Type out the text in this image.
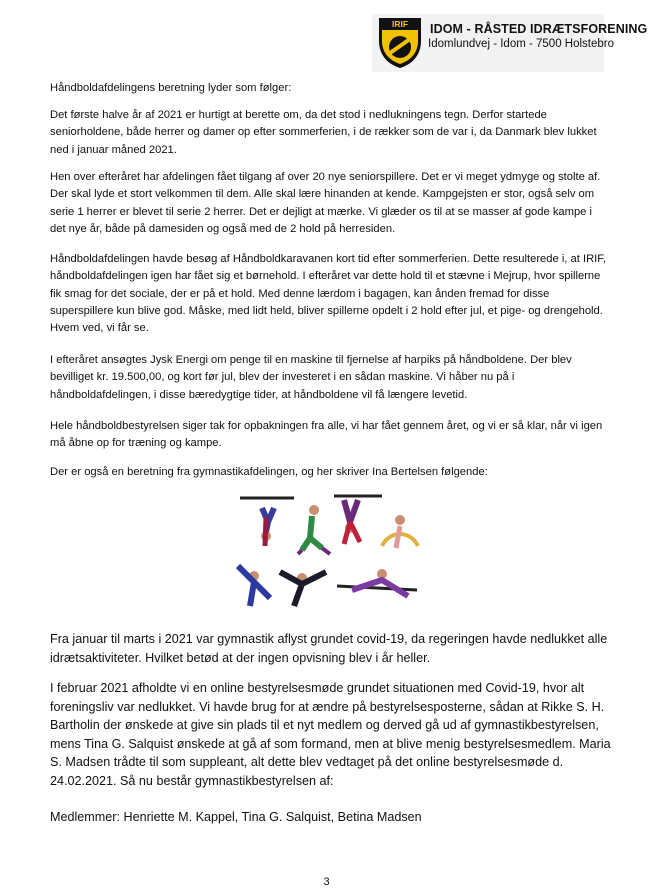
IRIF IDOM - RÅSTED IDRÆTSFORENING
Idomlundvej - Idom - 7500 Holstebro

Håndboldafdelingens beretning lyder som følger:

Det første halve år af 2021 er hurtigt at berette om, da det stod i nedlukningens tegn. Derfor startede seniorholdene, både herrer og damer op efter sommerferien, i de rækker som de var i, da Danmark blev lukket ned i januar måned 2021.

Hen over efteråret har afdelingen fået tilgang af over 20 nye seniorspillere. Det er vi meget ydmyge og stolte af. Der skal lyde et stort velkommen til dem. Alle skal lære hinanden at kende. Kampgejsten er stor, også selv om serie 1 herrer er blevet til serie 2 herrer. Det er dejligt at mærke. Vi glæder os til at se masser af gode kampe i det nye år, både på damesiden og også med de 2 hold på herresiden.

Håndboldafdelingen havde besøg af Håndboldkaravanen kort tid efter sommerferien. Dette resulterede i, at IRIF, håndboldafdelingen igen har fået sig et børnehold. I efteråret var dette hold til et stævne i Mejrup, hvor spillerne fik smag for det sociale, der er på et hold. Med denne lærdom i bagagen, kan ånden fremad for disse superspillere kun blive god. Måske, med lidt held, bliver spillerne opdelt i 2 hold efter jul, et pige- og drengehold. Hvem ved, vi får se.

I efteråret ansøgtes Jysk Energi om penge til en maskine til fjernelse af harpiks på håndboldene. Der blev bevilliget kr. 19.500,00, og kort før jul, blev der investeret i en sådan maskine. Vi håber nu på i håndboldafdelingen, i disse bæredygtige tider, at håndboldene vil få længere levetid.

Hele håndboldbestyrelsen siger tak for opbakningen fra alle, vi har fået gennem året, og vi er så klar, når vi igen må åbne op for træning og kampe.

Der er også en beretning fra gymnastikafdelingen, og her skriver Ina Bertelsen følgende:

Fra januar til marts i 2021 var gymnastik aflyst grundet covid-19, da regeringen havde nedlukket alle idrætsaktiviteter. Hvilket betød at der ingen opvisning blev i år heller.

I februar 2021 afholdte vi en online bestyrelsesmøde grundet situationen med Covid-19, hvor alt foreningsliv var nedlukket. Vi havde brug for at ændre på bestyrelsesposterne, sådan at Rikke S. H. Bartholin der ønskede at give sin plads til et nyt medlem og derved gå ud af gymnastikbestyrelsen, mens Tina G. Salquist ønskede at gå af som formand, men at blive menig bestyrelsesmedlem. Maria S. Madsen trådte til som suppleant, alt dette blev vedtaget på det online bestyrelsesmøde d. 24.02.2021. Så nu består gymnastikbestyrelsen af:

Medlemmer: Henriette M. Kappel, Tina G. Salquist, Betina Madsen

3
